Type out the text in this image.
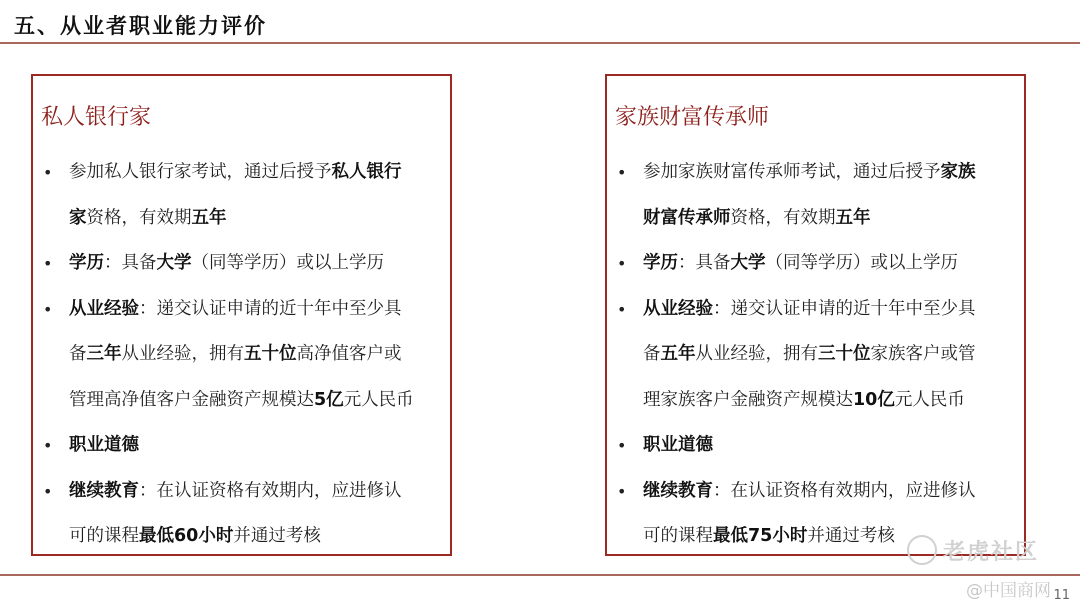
五、从业者职业能力评价
私人银行家
• 参加私人银行家考试，通过后授予私人银行
家资格，有效期五年
• 学历：具备大学（同等学历）或以上学历
• 从业经验：递交认证申请的近十年中至少具
备三年从业经验，拥有五十位高净值客户或
管理高净值客户金融资产规模达5亿元人民币
• 职业道德
• 继续教育：在认证资格有效期内，应进修认
可的课程最低60小时并通过考核
家族财富传承师
• 参加家族财富传承师考试，通过后授予家族
财富传承师资格，有效期五年
• 学历：具备大学（同等学历）或以上学历
• 从业经验：递交认证申请的近十年中至少具
备五年从业经验，拥有三十位家族客户或管
理家族客户金融资产规模达10亿元人民币
• 职业道德
• 继续教育：在认证资格有效期内，应进修认
可的课程最低75小时并通过考核
老虎社区
@中国商网 11
